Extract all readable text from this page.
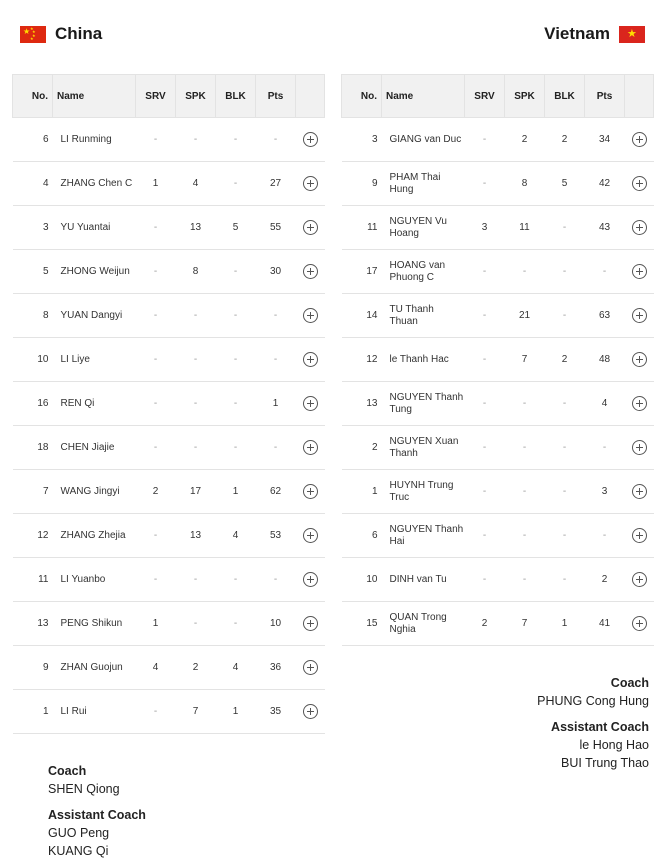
★ ★
★
★
★ China	Vietnam ★
No.	Name	SRV	SPK	BLK	Pts	
6	LI Runming	-	-	-	-	
4	ZHANG Chen C	1	4	-	27	
3	YU Yuantai	-	13	5	55	
5	ZHONG Weijun	-	8	-	30	
8	YUAN Dangyi	-	-	-	-	
10	LI Liye	-	-	-	-	
16	REN Qi	-	-	-	1	
18	CHEN Jiajie	-	-	-	-	
7	WANG Jingyi	2	17	1	62	
12	ZHANG Zhejia	-	13	4	53	
11	LI Yuanbo	-	-	-	-	
13	PENG Shikun	1	-	-	10	
9	ZHAN Guojun	4	2	4	36	
1	LI Rui	-	7	1	35	
No.	Name	SRV	SPK	BLK	Pts	
3	GIANG van Duc	-	2	2	34	
9	PHAM Thai Hung	-	8	5	42	
11	NGUYEN Vu Hoang	3	11	-	43	
17	HOANG van Phuong C	-	-	-	-	
14	TU Thanh Thuan	-	21	-	63	
12	le Thanh Hac	-	7	2	48	
13	NGUYEN Thanh Tung	-	-	-	4	
2	NGUYEN Xuan Thanh	-	-	-	-	
1	HUYNH Trung Truc	-	-	-	3	
6	NGUYEN Thanh Hai	-	-	-	-	
10	DINH van Tu	-	-	-	2	
15	QUAN Trong Nghia	2	7	1	41	
Coach
PHUNG Cong Hung
Assistant Coach
le Hong Hao
BUI Trung Thao
Coach
SHEN Qiong
Assistant Coach
GUO Peng
KUANG Qi
